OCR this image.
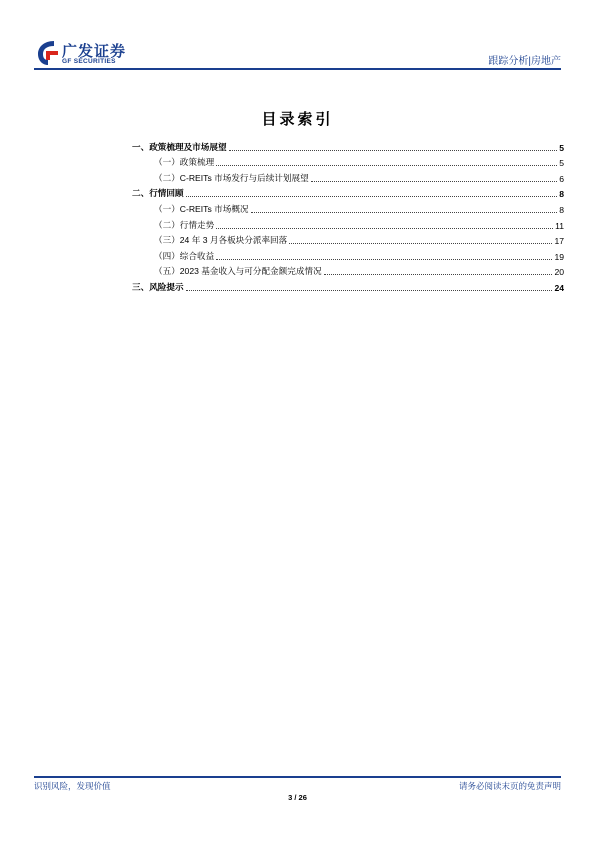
广发证券
GF SECURITIES	跟踪分析|房地产
目录索引
一、政策梳理及市场展望	5
（一）政策梳理	5
（二）C-REITs 市场发行与后续计划展望	6
二、行情回顾	8
（一）C-REITs 市场概况	8
（二）行情走势	11
（三）24 年 3 月各板块分派率回落	17
（四）综合收益	19
（五）2023 基金收入与可分配金额完成情况	20
三、风险提示	24
识别风险，发现价值	请务必阅读末页的免责声明
3 / 26
